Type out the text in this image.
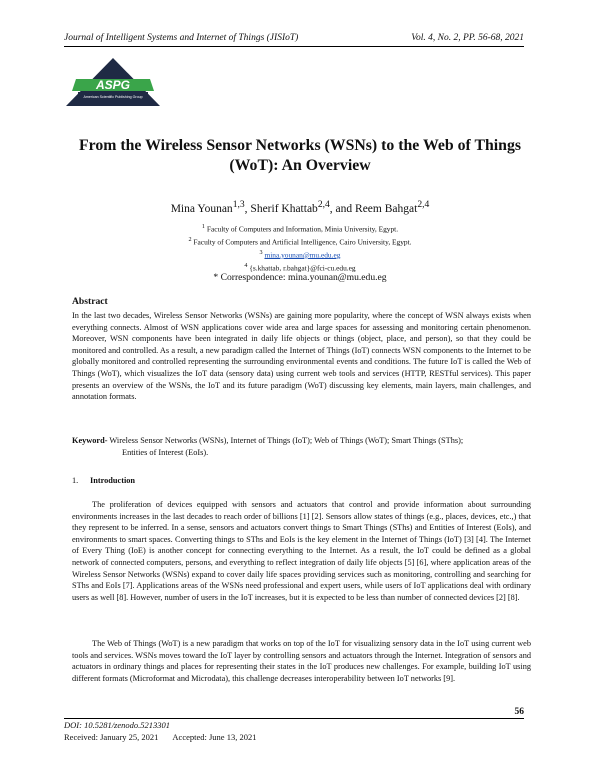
Journal of Intelligent Systems and Internet of Things (JISIoT)	Vol. 4, No. 2, PP. 56-68, 2021
ASPG
American Scientific Publishing Group
From the Wireless Sensor Networks (WSNs) to the Web of Things (WoT): An Overview
Mina Younan$^{1,3}$, Sherif Khattab$^{2,4}$, and Reem Bahgat$^{2,4}$
$^1$ Faculty of Computers and Information, Minia University, Egypt.
$^2$ Faculty of Computers and Artificial Intelligence, Cairo University, Egypt.
$^3$ mina.younan@mu.edu.eg
$^4$ {s.khattab, r.bahgat}@fci-cu.edu.eg
* Correspondence: mina.younan@mu.edu.eg
Abstract
In the last two decades, Wireless Sensor Networks (WSNs) are gaining more popularity, where the concept of WSN always exists when everything connects. Almost of WSN applications cover wide area and large spaces for assessing and monitoring certain phenomenon. Moreover, WSN components have been integrated in daily life objects or things (object, place, and person), so that they could be monitored and controlled. As a result, a new paradigm called the Internet of Things (IoT) connects WSN components to the Internet to be globally monitored and controlled representing the surrounding environmental events and conditions. The future IoT is called the Web of Things (WoT), which visualizes the IoT data (sensory data) using current web tools and services (HTTP, RESTful services). This paper presents an overview of the WSNs, the IoT and its future paradigm (WoT) discussing key elements, main layers, main challenges, and annotation formats.
Keyword- Wireless Sensor Networks (WSNs), Internet of Things (IoT); Web of Things (WoT); Smart Things (SThs);
Entities of Interest (EoIs).
1. Introduction
The proliferation of devices equipped with sensors and actuators that control and provide information about surrounding environments increases in the last decades to reach order of billions [1] [2]. Sensors allow states of things (e.g., places, devices, etc.,) that they represent to be inferred. In a sense, sensors and actuators convert things to Smart Things (SThs) and Entities of Interest (EoIs), and environments to smart spaces. Converting things to SThs and EoIs is the key element in the Internet of Things (IoT) [3] [4]. The Internet of Every Thing (IoE) is another concept for connecting everything to the Internet. As a result, the IoT could be defined as a global network of connected computers, persons, and everything to reflect integration of daily life objects [5] [6], where application areas of the Wireless Sensor Networks (WSNs) expand to cover daily life spaces providing services such as monitoring, controlling and searching for SThs and EoIs [7]. Applications areas of the WSNs need professional and expert users, while users of IoT applications deal with ordinary users as well [8]. However, number of users in the IoT increases, but it is expected to be less than number of connected devices [2] [8].
The Web of Things (WoT) is a new paradigm that works on top of the IoT for visualizing sensory data in the IoT using current web tools and services. WSNs moves toward the IoT layer by controlling sensors and actuators through the Internet. Integration of sensors and actuators in ordinary things and places for representing their states in the IoT produces new challenges. For example, building IoT using different formats (Microformat and Microdata), this challenge decreases interoperability between IoT networks [9].
56
DOI: 10.5281/zenodo.5213301
Received: January 25, 2021 Accepted: June 13, 2021
